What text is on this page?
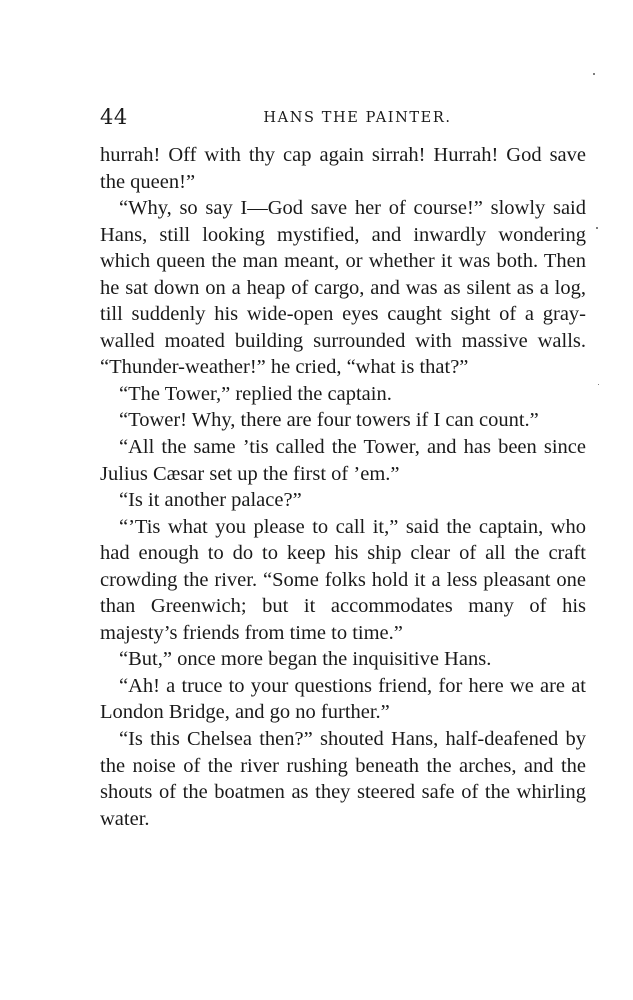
44	HANS THE PAINTER.

hurrah! Off with thy cap again sirrah! Hurrah! God save the queen!”

“Why, so say I—God save her of course!” slowly said Hans, still looking mystified, and inwardly wondering which queen the man meant, or whether it was both. Then he sat down on a heap of cargo, and was as silent as a log, till suddenly his wide-open eyes caught sight of a gray-walled moated building surrounded with massive walls. “Thunder-weather!” he cried, “what is that?”

“The Tower,” replied the captain.

“Tower! Why, there are four towers if I can count.”

“All the same ’tis called the Tower, and has been since Julius Cæsar set up the first of ’em.”

“Is it another palace?”

“’Tis what you please to call it,” said the captain, who had enough to do to keep his ship clear of all the craft crowding the river. “Some folks hold it a less pleasant one than Greenwich; but it accommodates many of his majesty’s friends from time to time.”

“But,” once more began the inquisitive Hans.

“Ah! a truce to your questions friend, for here we are at London Bridge, and go no further.”

“Is this Chelsea then?” shouted Hans, half-deafened by the noise of the river rushing beneath the arches, and the shouts of the boatmen as they steered safe of the whirling water.
